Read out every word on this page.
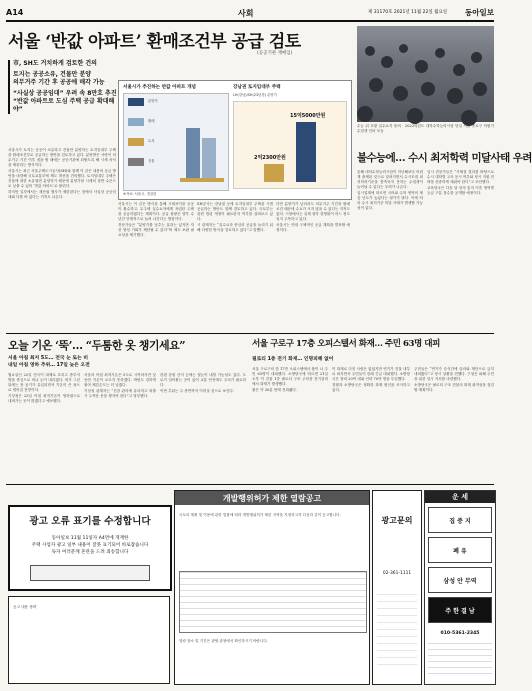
A14	사회	제 31170호 2021년 11월 22일 월요일 동아일보
서울 ‘반값 아파트’ 환매조건부 공급 검토
(공공기관 재매입)
市, SH도 거치하게 검토한 건의
토지는 공공소유, 건물만 분양
의무거주 기간 후 공공에 매각 가능
“사실상 공공임대” 우려 속 8만호 추진
“반값 아파트로 도심 주택 공급 확대해야”

서울시가 토지는 공공이 소유하고 건물만 분양하는 토지임대부 주택을 환매조건부로 공급하는 방안을 검토하고 있다. 분양받은 사람이 의무거주 기간 이후 집을 팔 때에는 공공기관에 되팔도록 해 시세 차익을 제한하는 방식이다.

서울시는 최근 서울주택도시공사(SH)와 함께 이 같은 내용의 공급 방안을 마련해 국토교통부에 제도 개선을 건의했다. 토지임대부 주택은 건물에 대한 소유권만 분양하기 때문에 분양가를 시세의 절반 수준으로 낮출 수 있어 ‘반값 아파트’로 불린다.

하지만 일각에서는 재산권 행사가 제한된다는 점에서 사실상 공공임대와 다를 바 없다는 지적도 나온다.

서울시가 추진하는 반값 아파트 개념
분양가
환매
토지
건물
강남권 토지임대부 주택
LH(강남)/SH(23년경) 분양가
15억5000만원
2억2300만원
※자료: 서울시, 경실련

서울시는 이 같은 방식을 통해 시세차익을 공공이 환수하고, 무주택 실수요자에게 저렴한 주택을 공급하겠다는 계획이다. 공급 물량은 향후 수년간 단계적으로 늘려 나간다는 방침이다.

전문가들은 “분양가를 낮추는 효과는 있지만 자산 형성 기회가 제한될 수 있다”며 제도 보완 필요성을 제기했다.

SH공사는 강남권 등에 토지임대부 주택을 시범 공급하는 방안도 함께 검토하고 있다. 국토부는 관련 법령 개정이 필요한지 여부를 살펴보고 있다.

시 관계자는 “실수요자 중심의 공급을 늘리기 위해 다양한 방식을 검토하고 있다”고 말했다.

다만 분양가가 낮더라도 의무거주 기간과 환매 조건 때문에 수요가 크지 않을 수 있다는 지적도 있다. 시장에서는 실제 청약 경쟁률이 어느 정도일지 주목하고 있다.

서울시는 연내 구체적인 공급 계획을 발표할 예정이다.

수능 뒤 호황 실수요자 몰려 · 2022학년도 대학수학능력시험 당일 서울 종로구 학원가 수험생 인파 모습
불수능에… 수시 최저학력 미달사태 우려

올해 대학수학능력시험이 지난해보다 어렵게 출제된 것으로 알려지면서 수시모집 최저학력기준을 충족하지 못하는 수험생이 늘어날 수 있다는 우려가 나온다.

입시업계에 따르면 국어와 수학 영역의 체감 난도가 높았다는 평가가 많다. 이에 따라 수시 최저기준 미달 사태가 발생할 가능성이 있다.

입시 전문가들은 “가채점 결과를 바탕으로 수시 대학별 고사 응시 여부와 정시 지원 전략을 신중하게 세워야 한다”고 조언했다.

교육당국은 다음 달 성적 통지 이후 영역별 등급 구분 점수를 공개할 예정이다.

오늘 기온 ‘뚝’… “두툼한 옷 챙기세요”
서울 아침 최저 5도… 전국 눈 또는 비
내일 아침 영하 추위… 17일 늦은 오전

월요일인 22일 전국이 대체로 흐리고 중부지방을 중심으로 비나 눈이 내리겠다. 비가 그친 뒤에는 찬 공기가 유입되면서 기온이 큰 폭으로 떨어질 전망이다.

기상청은 23일 아침 최저기온이 영하권으로 내려가는 곳이 많겠다고 예보했다.

서울의 아침 최저기온은 5도로 시작하지만 낮 동안 기온이 오르지 못하겠다. 바람도 강하게 불어 체감온도는 더 낮겠다.

기상청 관계자는 “건강 관리에 유의하고 외출 시 두꺼운 옷을 챙겨야 한다”고 당부했다.

한편 강원 산지 등에는 첫눈이 내릴 가능성도 있다. 도로가 얼어붙는 곳이 있어 교통 안전에도 주의가 필요하다.

이번 추위는 주 중반까지 이어질 것으로 보인다.

서울 구로구 17층 오피스텔서 화재… 주민 63명 대피
필로티 1층 전기 화재… 인명피해 없어

서울 구로구의 한 17층 오피스텔에서 불이 나 주민 63명이 대피했다. 소방당국에 따르면 21일 오후 이 건물 1층 필로티 구조 주차장 전기설비에서 화재가 발생했다.

불은 약 30분 만에 진화됐다.

이 화재로 다친 사람은 없었지만 연기가 건물 내부로 퍼지면서 주민들이 한때 긴급 대피했다. 소방당국은 장비 20여 대와 인력 70여 명을 투입했다.

경찰과 소방당국은 정확한 화재 원인을 조사하고 있다.

주민들은 “연기가 순식간에 올라와 계단으로 급히 내려왔다”고 당시 상황을 전했다. 구청은 피해 주민을 위한 임시 거처를 마련했다.

소방당국은 필로티 구조 건물의 화재 취약성을 점검할 계획이다.

광고 오류 표기를 수정합니다
동아일보 11월 11일자 A4면에 게재한
주택 사업자 광고 일부 내용이 잘못 표기되어 바로잡습니다
독자 여러분께 혼란을 드려 죄송합니다

공고 내용 생략

개발행위허가 제한 열람공고

국토의 계획 및 이용에 관한 법률에 따라 개발행위허가 제한 지역을 지정하고자 다음과 같이 공고합니다.

열람 장소 및 기간은 관할 관청에서 확인하시기 바랍니다.

광고문의
02-361-1111
운 세
집 증 지
폐 유
삼성 안 무역
주 한 결 남
010-5361-2345
